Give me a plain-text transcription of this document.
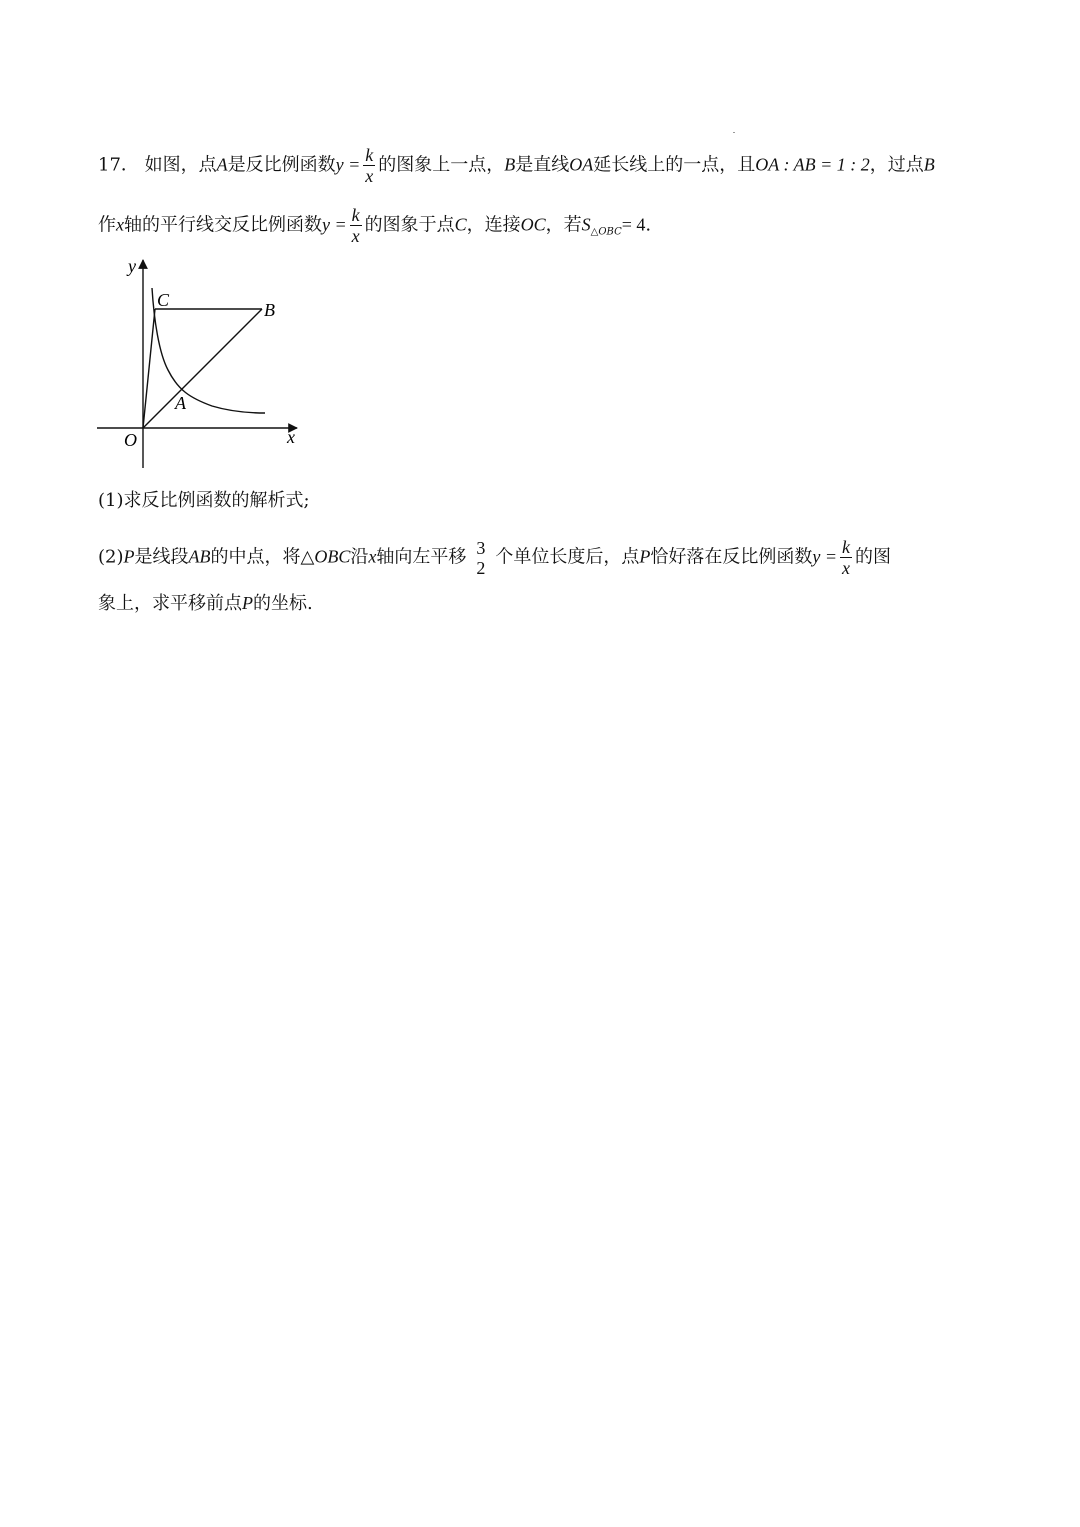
17． 如图，点A是反比例函数$y = \frac{k}{x}$ 的图象上一点，B是直线OA延长线上的一点，且OA : AB = 1 : 2，过点B
作x轴的平行线交反比例函数$y = \frac{k}{x}$ 的图象于点C，连接OC，若$S_{\triangle OBC}= 4$.
y
x
O
A
B
C
(1)求反比例函数的解析式;
(2)P是线段AB的中点，将△OBC沿x轴向左平移 3
2 个单位长度后，点P恰好落在反比例函数$y = \frac{k}{x}$ 的图
象上，求平移前点P的坐标.
